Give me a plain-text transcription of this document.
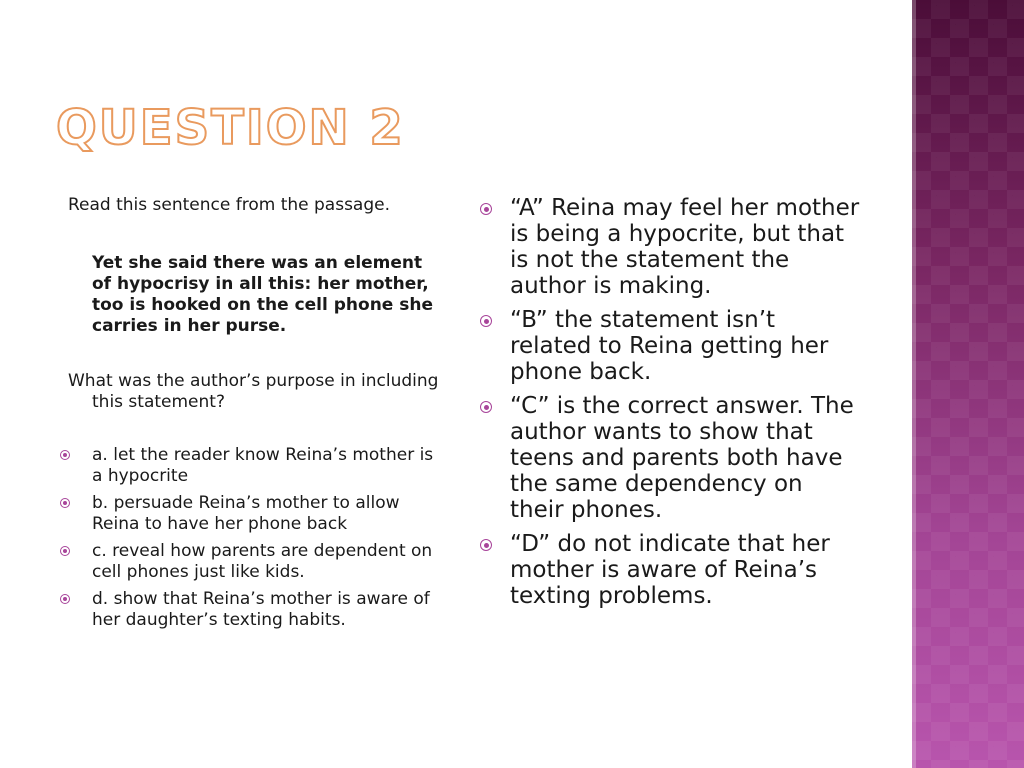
QUESTION 2

Read this sentence from the passage.

Yet she said there was an element of hypocrisy in all this: her mother, too is hooked on the cell phone she carries in her purse.

What was the author’s purpose in including this statement?

a. let the reader know Reina’s mother is a hypocrite
b. persuade Reina’s mother to allow Reina to have her phone back
c. reveal how parents are dependent on cell phones just like kids.
d. show that Reina’s mother is aware of her daughter’s texting habits.
“A” Reina may feel her mother is being a hypocrite, but that is not the statement the author is making.
“B” the statement isn’t related to Reina getting her phone back.
“C” is the correct answer. The author wants to show that teens and parents both have the same dependency on their phones.
“D” do not indicate that her mother is aware of Reina’s texting problems.
